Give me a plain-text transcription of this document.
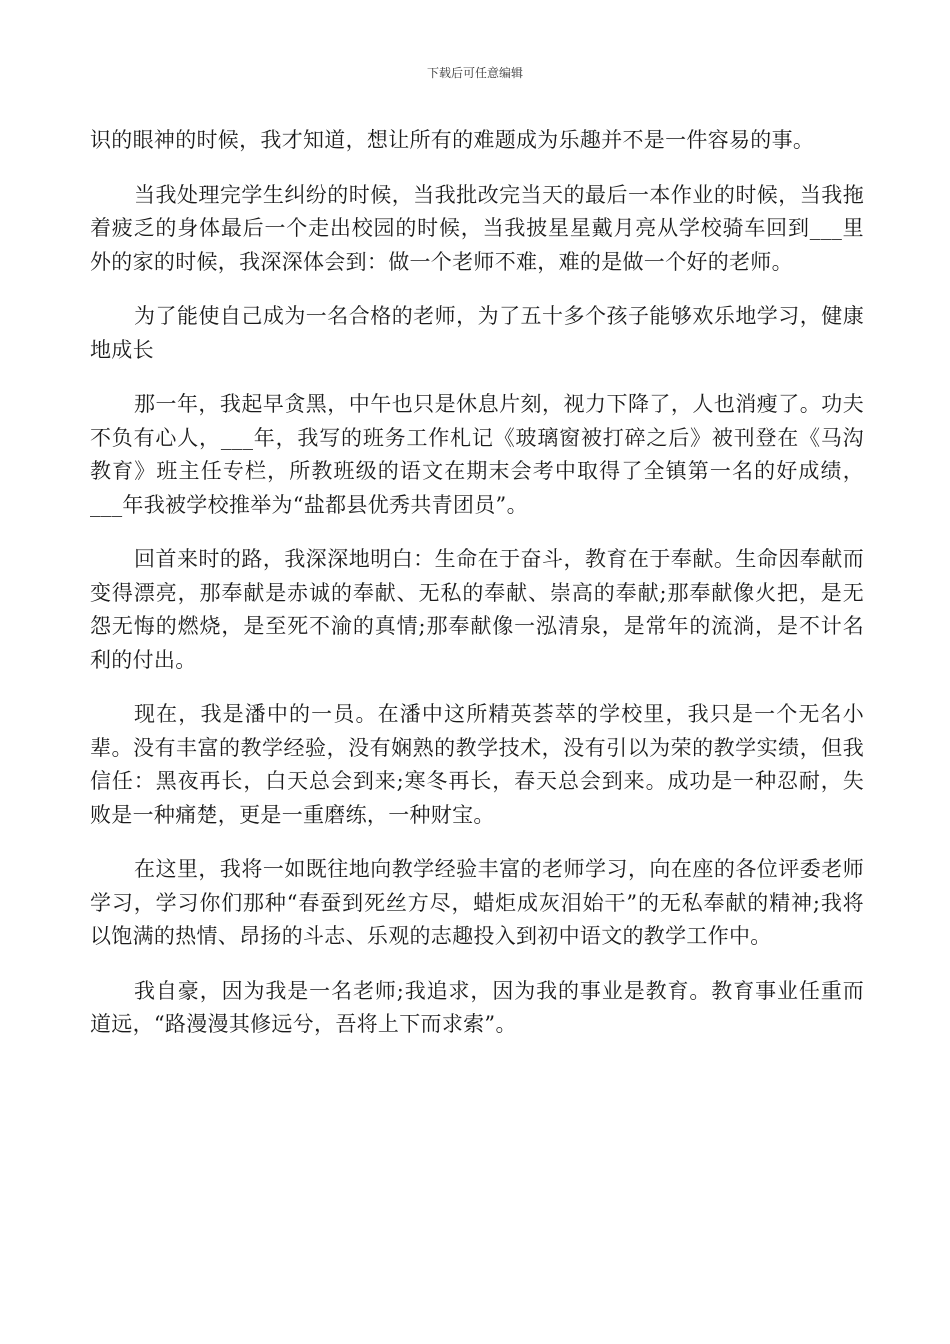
下载后可任意编辑

识的眼神的时候，我才知道，想让所有的难题成为乐趣并不是一件容易的事。

当我处理完学生纠纷的时候，当我批改完当天的最后一本作业的时候，当我拖着疲乏的身体最后一个走出校园的时候，当我披星星戴月亮从学校骑车回到___里外的家的时候，我深深体会到：做一个老师不难，难的是做一个好的老师。

为了能使自己成为一名合格的老师，为了五十多个孩子能够欢乐地学习，健康地成长

那一年，我起早贪黑，中午也只是休息片刻，视力下降了，人也消瘦了。功夫不负有心人，___年，我写的班务工作札记《玻璃窗被打碎之后》被刊登在《马沟教育》班主任专栏，所教班级的语文在期末会考中取得了全镇第一名的好成绩，___年我被学校推举为“盐都县优秀共青团员”。

回首来时的路，我深深地明白：生命在于奋斗，教育在于奉献。生命因奉献而变得漂亮，那奉献是赤诚的奉献、无私的奉献、崇高的奉献;那奉献像火把，是无怨无悔的燃烧，是至死不渝的真情;那奉献像一泓清泉，是常年的流淌，是不计名利的付出。

现在，我是潘中的一员。在潘中这所精英荟萃的学校里，我只是一个无名小辈。没有丰富的教学经验，没有娴熟的教学技术，没有引以为荣的教学实绩，但我信任：黑夜再长，白天总会到来;寒冬再长，春天总会到来。成功是一种忍耐，失败是一种痛楚，更是一重磨练，一种财宝。

在这里，我将一如既往地向教学经验丰富的老师学习，向在座的各位评委老师学习，学习你们那种“春蚕到死丝方尽，蜡炬成灰泪始干”的无私奉献的精神;我将以饱满的热情、昂扬的斗志、乐观的志趣投入到初中语文的教学工作中。

我自豪，因为我是一名老师;我追求，因为我的事业是教育。教育事业任重而道远，“路漫漫其修远兮，吾将上下而求索”。
